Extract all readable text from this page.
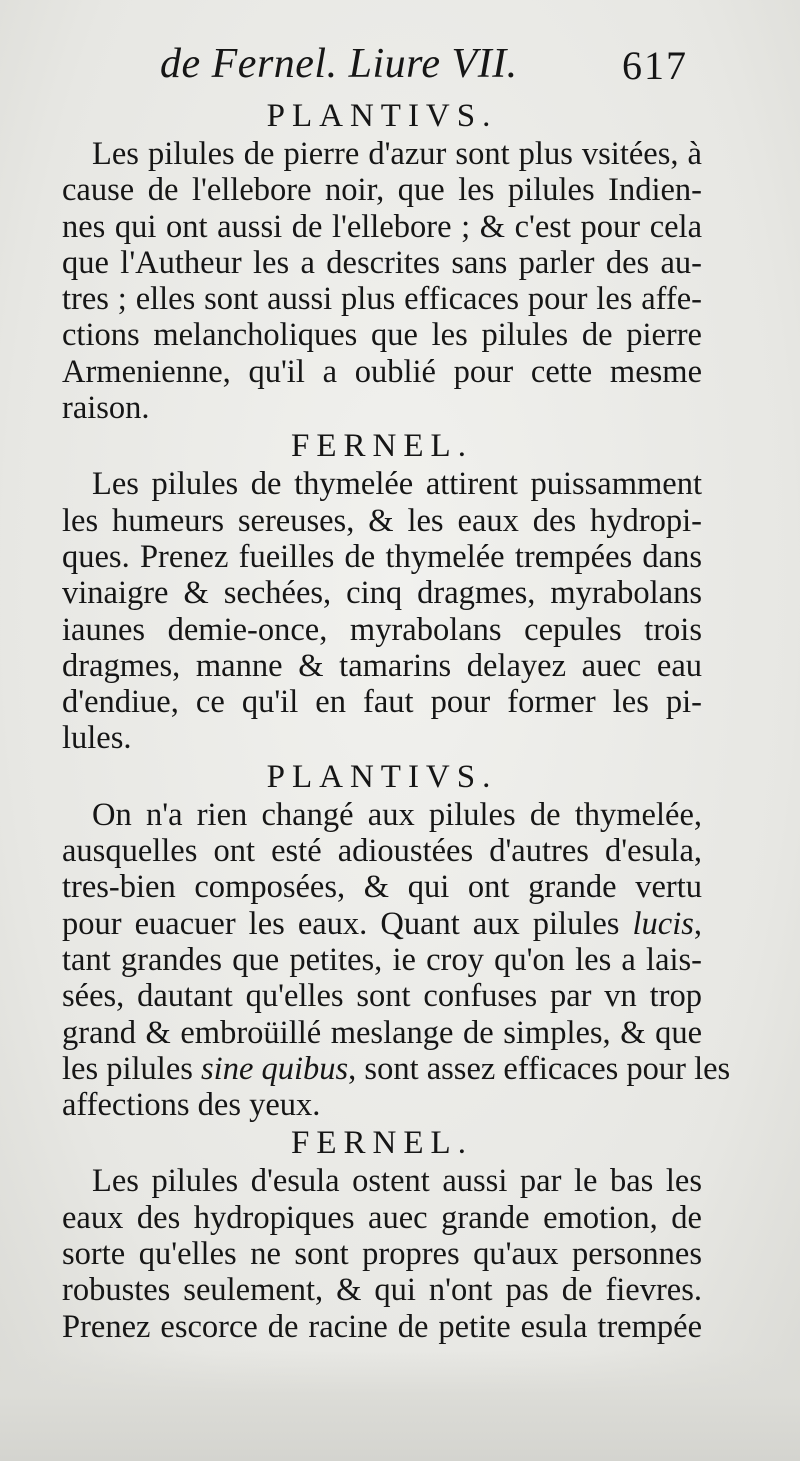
de Fernel. Liure VII.	617

PLANTIVS.

Les pilules de pierre d'azur sont plus vsitées, à

cause de l'ellebore noir, que les pilules Indien-

nes qui ont aussi de l'ellebore ; & c'est pour cela

que l'Autheur les a descrites sans parler des au-

tres ; elles sont aussi plus efficaces pour les affe-

ctions melancholiques que les pilules de pierre

Armenienne, qu'il a oublié pour cette mesme

raison.

FERNEL.

Les pilules de thymelée attirent puissamment

les humeurs sereuses, & les eaux des hydropi-

ques. Prenez fueilles de thymelée trempées dans

vinaigre & sechées, cinq dragmes, myrabolans

iaunes demie-once, myrabolans cepules trois

dragmes, manne & tamarins delayez auec eau

d'endiue, ce qu'il en faut pour former les pi-

lules.

PLANTIVS.

On n'a rien changé aux pilules de thymelée,

ausquelles ont esté adioustées d'autres d'esula,

tres-bien composées, & qui ont grande vertu

pour euacuer les eaux. Quant aux pilules lucis,

tant grandes que petites, ie croy qu'on les a lais-

sées, dautant qu'elles sont confuses par vn trop

grand & embroüillé meslange de simples, & que

les pilules sine quibus, sont assez efficaces pour les

affections des yeux.

FERNEL.

Les pilules d'esula ostent aussi par le bas les

eaux des hydropiques auec grande emotion, de

sorte qu'elles ne sont propres qu'aux personnes

robustes seulement, & qui n'ont pas de fievres.

Prenez escorce de racine de petite esula trempée
